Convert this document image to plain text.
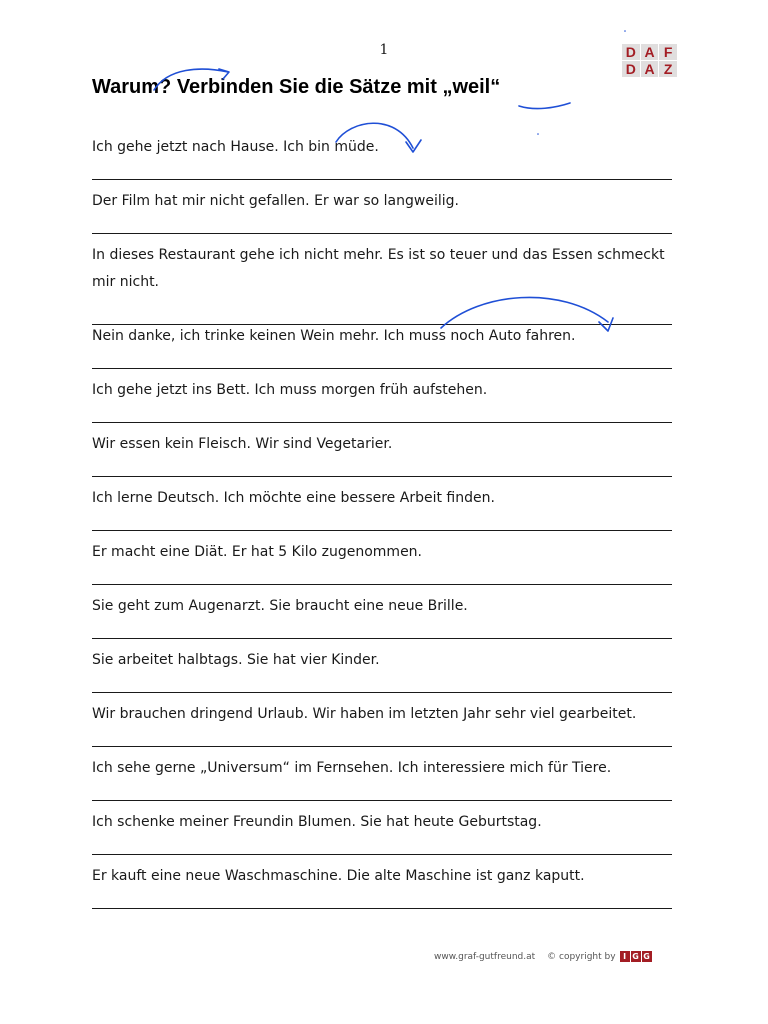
1	D A F
D A Z
Warum? Verbinden Sie die Sätze mit „weil“
Ich gehe jetzt nach Hause. Ich bin müde.
Der Film hat mir nicht gefallen. Er war so langweilig.
In dieses Restaurant gehe ich nicht mehr. Es ist so teuer und das Essen schmeckt mir nicht.
Nein danke, ich trinke keinen Wein mehr. Ich muss noch Auto fahren.
Ich gehe jetzt ins Bett. Ich muss morgen früh aufstehen.
Wir essen kein Fleisch. Wir sind Vegetarier.
Ich lerne Deutsch. Ich möchte eine bessere Arbeit finden.
Er macht eine Diät. Er hat 5 Kilo zugenommen.
Sie geht zum Augenarzt. Sie braucht eine neue Brille.
Sie arbeitet halbtags. Sie hat vier Kinder.
Wir brauchen dringend Urlaub. Wir haben im letzten Jahr sehr viel gearbeitet.
Ich sehe gerne „Universum“ im Fernsehen. Ich interessiere mich für Tiere.
Ich schenke meiner Freundin Blumen. Sie hat heute Geburtstag.
Er kauft eine neue Waschmaschine. Die alte Maschine ist ganz kaputt.
www.graf-gutfreund.at © copyright by I G G
